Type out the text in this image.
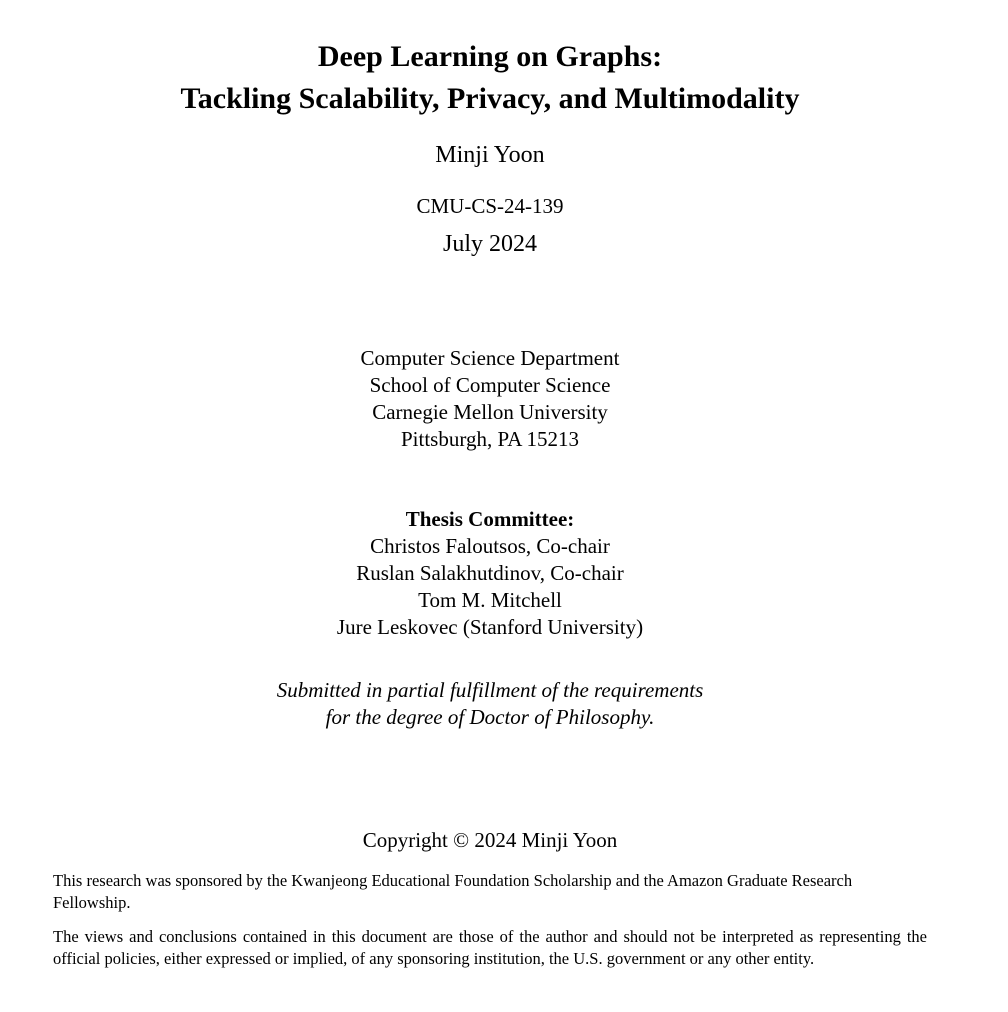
Deep Learning on Graphs:
Tackling Scalability, Privacy, and Multimodality
Minji Yoon
CMU-CS-24-139
July 2024
Computer Science Department
School of Computer Science
Carnegie Mellon University
Pittsburgh, PA 15213
Thesis Committee:
Christos Faloutsos, Co-chair
Ruslan Salakhutdinov, Co-chair
Tom M. Mitchell
Jure Leskovec (Stanford University)
Submitted in partial fulfillment of the requirements
for the degree of Doctor of Philosophy.
Copyright © 2024 Minji Yoon
This research was sponsored by the Kwanjeong Educational Foundation Scholarship and the Amazon Graduate Research Fellowship.
The views and conclusions contained in this document are those of the author and should not be interpreted as representing the official policies, either expressed or implied, of any sponsoring institution, the U.S. government or any other entity.
